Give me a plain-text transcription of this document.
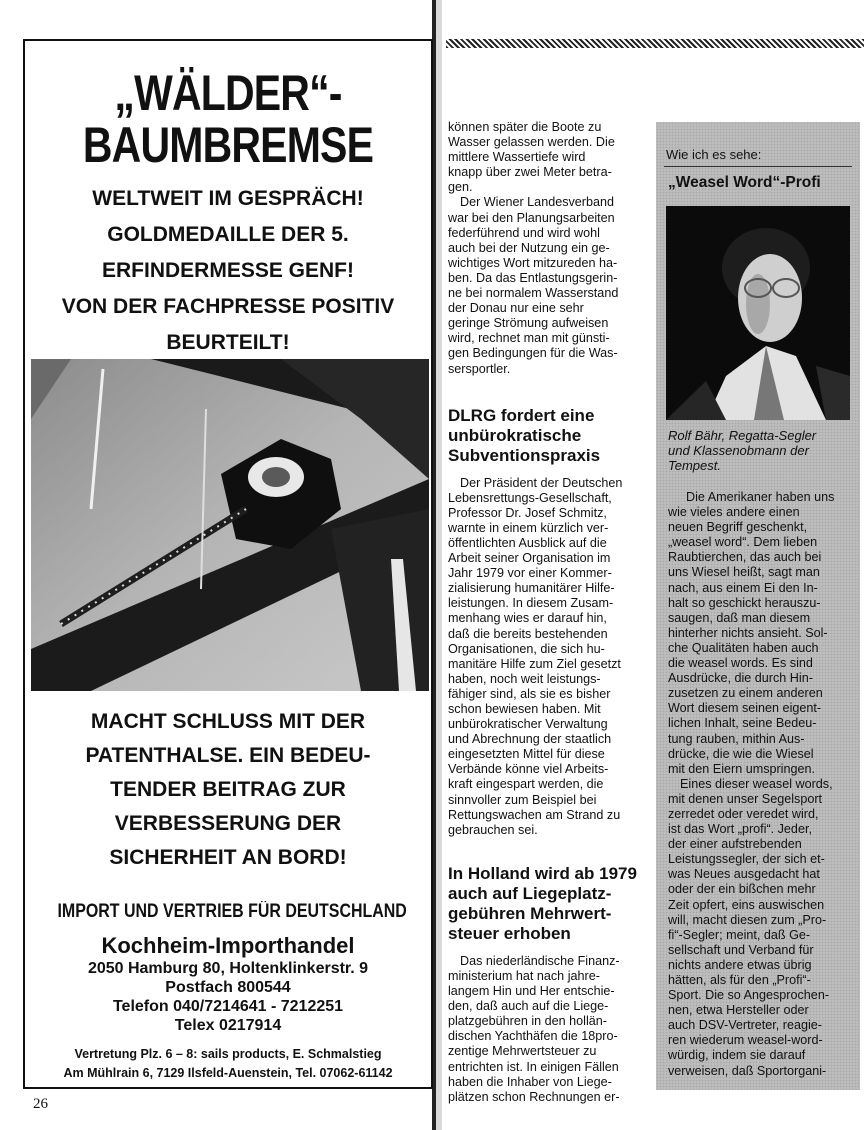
„WÄLDER“-
BAUMBREMSE
WELTWEIT IM GESPRÄCH!
GOLDMEDAILLE DER 5.
ERFINDERMESSE GENF!
VON DER FACHPRESSE POSITIV
BEURTEILT!
MACHT SCHLUSS MIT DER
PATENTHALSE. EIN BEDEU-
TENDER BEITRAG ZUR
VERBESSERUNG DER
SICHERHEIT AN BORD!
IMPORT UND VERTRIEB FÜR DEUTSCHLAND
Kochheim-Importhandel
2050 Hamburg 80, Holtenklinkerstr. 9
Postfach 800544
Telefon 040/7214641 - 7212251
Telex 0217914
Vertretung Plz. 6 – 8: sails products, E. Schmalstieg
Am Mühlrain 6, 7129 Ilsfeld-Auenstein, Tel. 07062-61142
26
können später die Boote zu
Wasser gelassen werden. Die
mittlere Wassertiefe wird
knapp über zwei Meter betra-
gen.
Der Wiener Landesverband
war bei den Planungsarbeiten
federführend und wird wohl
auch bei der Nutzung ein ge-
wichtiges Wort mitzureden ha-
ben. Da das Entlastungsgerin-
ne bei normalem Wasserstand
der Donau nur eine sehr
geringe Strömung aufweisen
wird, rechnet man mit günsti-
gen Bedingungen für die Was-
sersportler.
DLRG fordert eine
unbürokratische
Subventionspraxis
Der Präsident der Deutschen
Lebensrettungs-Gesellschaft,
Professor Dr. Josef Schmitz,
warnte in einem kürzlich ver-
öffentlichten Ausblick auf die
Arbeit seiner Organisation im
Jahr 1979 vor einer Kommer-
zialisierung humanitärer Hilfe-
leistungen. In diesem Zusam-
menhang wies er darauf hin,
daß die bereits bestehenden
Organisationen, die sich hu-
manitäre Hilfe zum Ziel gesetzt
haben, noch weit leistungs-
fähiger sind, als sie es bisher
schon bewiesen haben. Mit
unbürokratischer Verwaltung
und Abrechnung der staatlich
eingesetzten Mittel für diese
Verbände könne viel Arbeits-
kraft eingespart werden, die
sinnvoller zum Beispiel bei
Rettungswachen am Strand zu
gebrauchen sei.
In Holland wird ab 1979
auch auf Liegeplatz-
gebühren Mehrwert-
steuer erhoben
Das niederländische Finanz-
ministerium hat nach jahre-
langem Hin und Her entschie-
den, daß auch auf die Liege-
platzgebühren in den hollän-
dischen Yachthäfen die 18pro-
zentige Mehrwertsteuer zu
entrichten ist. In einigen Fällen
haben die Inhaber von Liege-
plätzen schon Rechnungen er-
Wie ich es sehe:
„Weasel Word“-Profi
Rolf Bähr, Regatta-Segler
und Klassenobmann der
Tempest.
Die Amerikaner haben uns
wie vieles andere einen
neuen Begriff geschenkt,
„weasel word“. Dem lieben
Raubtierchen, das auch bei
uns Wiesel heißt, sagt man
nach, aus einem Ei den In-
halt so geschickt herauszu-
saugen, daß man diesem
hinterher nichts ansieht. Sol-
che Qualitäten haben auch
die weasel words. Es sind
Ausdrücke, die durch Hin-
zusetzen zu einem anderen
Wort diesem seinen eigent-
lichen Inhalt, seine Bedeu-
tung rauben, mithin Aus-
drücke, die wie die Wiesel
mit den Eiern umspringen.
Eines dieser weasel words,
mit denen unser Segelsport
zerredet oder veredet wird,
ist das Wort „profi“. Jeder,
der einer aufstrebenden
Leistungssegler, der sich et-
was Neues ausgedacht hat
oder der ein bißchen mehr
Zeit opfert, eins auswischen
will, macht diesen zum „Pro-
fi“-Segler; meint, daß Ge-
sellschaft und Verband für
nichts andere etwas übrig
hätten, als für den „Profi“-
Sport. Die so Angesprochen-
nen, etwa Hersteller oder
auch DSV-Vertreter, reagie-
ren wiederum weasel-word-
würdig, indem sie darauf
verweisen, daß Sportorgani-
